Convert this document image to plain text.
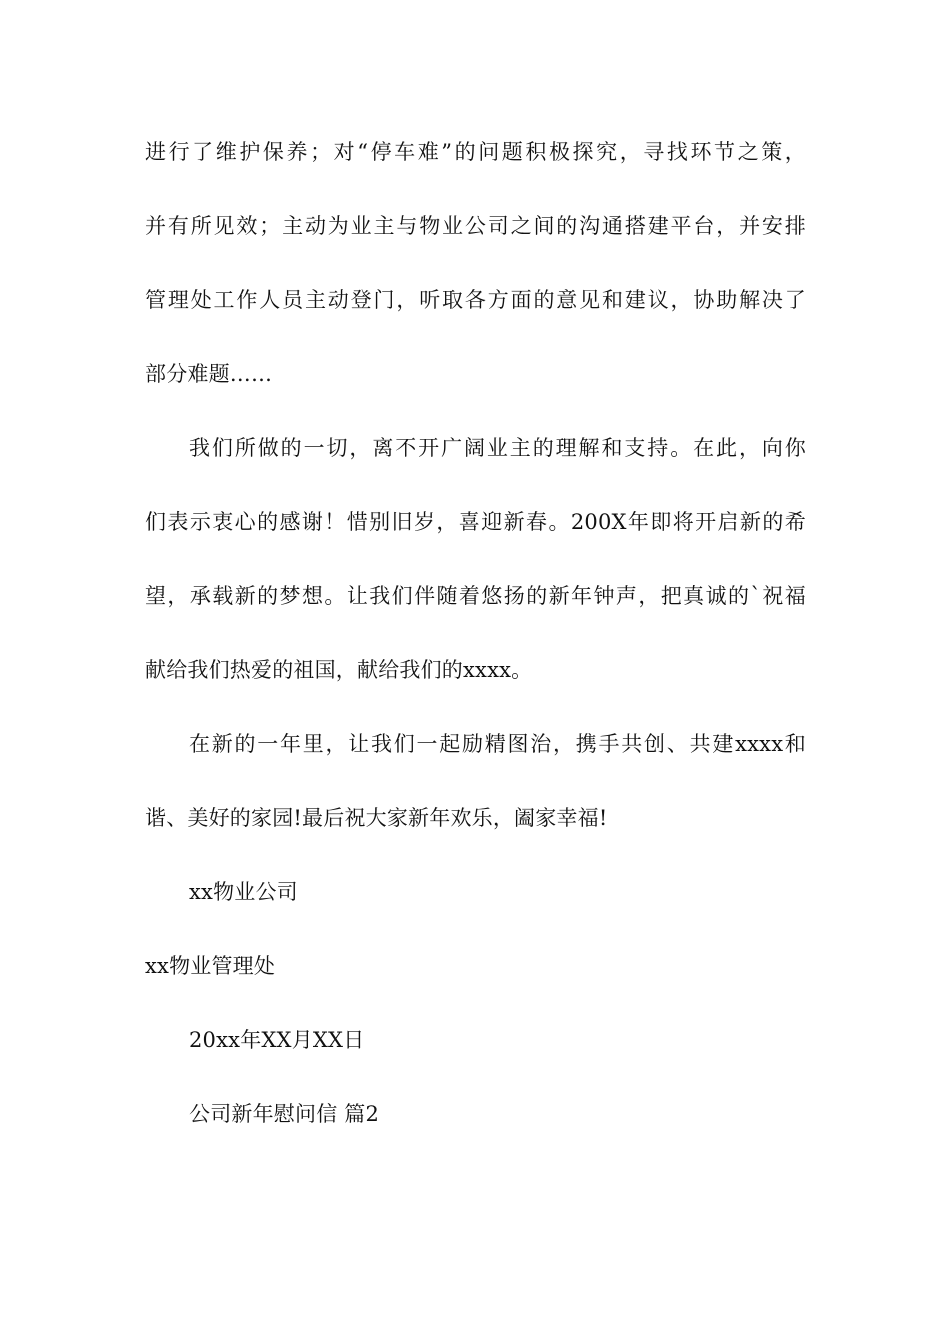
进行了维护保养；对“停车难”的问题积极探究，寻找环节之策，
并有所见效；主动为业主与物业公司之间的沟通搭建平台，并安排
管理处工作人员主动登门，听取各方面的意见和建议，协助解决了
部分难题……
我们所做的一切，离不开广阔业主的理解和支持。在此，向你
们表示衷心的感谢！惜别旧岁，喜迎新春。200X年即将开启新的希
望，承载新的梦想。让我们伴随着悠扬的新年钟声，把真诚的`祝福
献给我们热爱的祖国，献给我们的xxxx。
在新的一年里，让我们一起励精图治，携手共创、共建xxxx和
谐、美好的家园!最后祝大家新年欢乐，阖家幸福!
xx物业公司
xx物业管理处
20xx年XX月XX日
公司新年慰问信 篇2
